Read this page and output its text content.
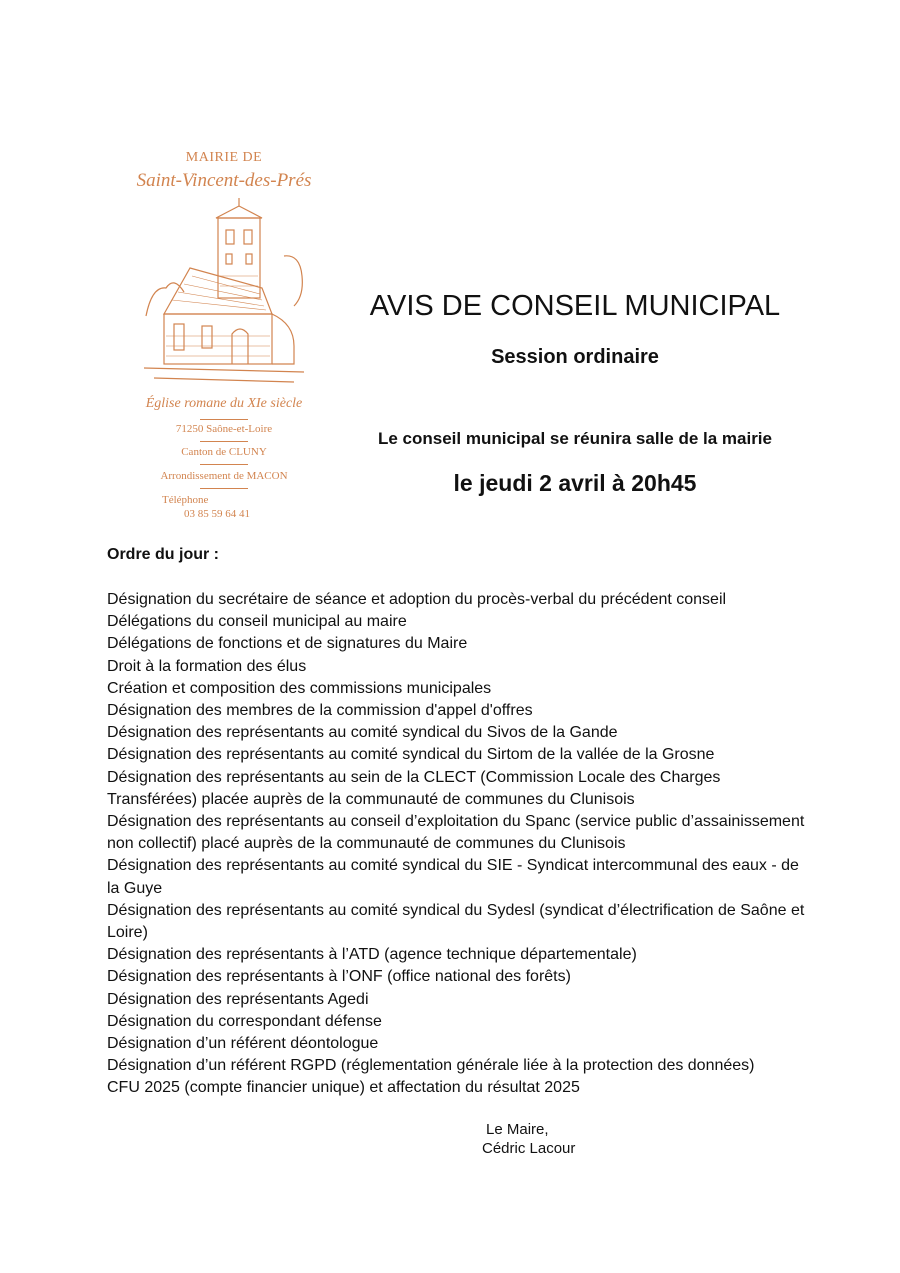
MAIRIE DE
Saint-Vincent-des-Prés
Église romane du XIe siècle
71250 Saône-et-Loire
Canton de CLUNY
Arrondissement de MACON
Téléphone
03 85 59 64 41
AVIS DE CONSEIL MUNICIPAL
Session ordinaire
Le conseil municipal se réunira salle de la mairie
le jeudi 2 avril à 20h45
Ordre du jour :
Désignation du secrétaire de séance et adoption du procès-verbal du précédent conseil
Délégations du conseil municipal au maire
Délégations de fonctions et de signatures du Maire
Droit à la formation des élus
Création et composition des commissions municipales
Désignation des membres de la commission d'appel d'offres
Désignation des représentants au comité syndical du Sivos de la Gande
Désignation des représentants au comité syndical du Sirtom de la vallée de la Grosne
Désignation des représentants au sein de la CLECT (Commission Locale des Charges Transférées) placée auprès de la communauté de communes du Clunisois
Désignation des représentants au conseil d’exploitation du Spanc (service public d’assainissement non collectif) placé auprès de la communauté de communes du Clunisois
Désignation des représentants au comité syndical du SIE - Syndicat intercommunal des eaux - de la Guye
Désignation des représentants au comité syndical du Sydesl (syndicat d’électrification de Saône et Loire)
Désignation des représentants à l’ATD (agence technique départementale)
Désignation des représentants à l’ONF (office national des forêts)
Désignation des représentants Agedi
Désignation du correspondant défense
Désignation d’un référent déontologue
Désignation d’un référent RGPD (réglementation générale liée à la protection des données)
CFU 2025 (compte financier unique) et affectation du résultat 2025
Le Maire,
Cédric Lacour
